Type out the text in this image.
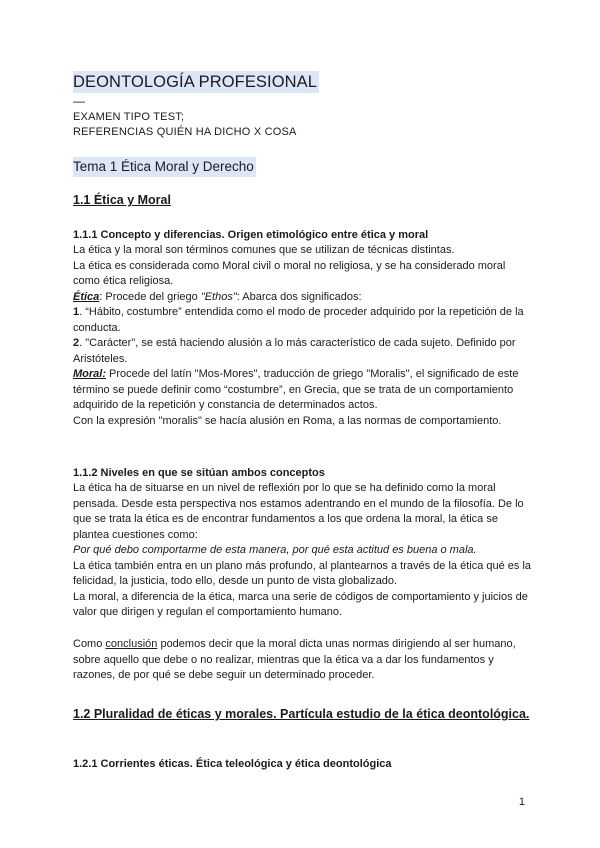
DEONTOLOGÍA PROFESIONAL
—
EXAMEN TIPO TEST;
REFERENCIAS QUIÉN HA DICHO X COSA
Tema 1 Ética Moral y Derecho
1.1 Ética y Moral
1.1.1 Concepto y diferencias. Origen etimológico entre ética y moral

La ética y la moral son términos comunes que se utilizan de técnicas distintas.

La ética es considerada como Moral civil o moral no religiosa, y se ha considerado moral como ética religiosa.

Ética: Procede del griego "Ethos": Abarca dos significados:

1. “Hábito, costumbre” entendida como el modo de proceder adquirido por la repetición de la conducta.

2. "Carácter", se está haciendo alusión a lo más característico de cada sujeto. Definido por Aristóteles.

Moral: Procede del latín "Mos-Mores", traducción de griego "Moralis", el significado de este término se puede definir como “costumbre”, en Grecia, que se trata de un comportamiento adquirido de la repetición y constancia de determinados actos.

Con la expresión "moralis" se hacía alusión en Roma, a las normas de comportamiento.

1.1.2 Niveles en que se sitúan ambos conceptos

La ética ha de situarse en un nivel de reflexión por lo que se ha definido como la moral pensada. Desde esta perspectiva nos estamos adentrando en el mundo de la filosofía. De lo que se trata la ética es de encontrar fundamentos a los que ordena la moral, la ética se plantea cuestiones como:

Por qué debo comportarme de esta manera, por qué esta actitud es buena o mala.

La ética también entra en un plano más profundo, al plantearnos a través de la ética qué es la felicidad, la justicia, todo ello, desde un punto de vista globalizado.

La moral, a diferencia de la ética, marca una serie de códigos de comportamiento y juicios de valor que dirigen y regulan el comportamiento humano.

Como conclusión podemos decir que la moral dicta unas normas dirigiendo al ser humano, sobre aquello que debe o no realizar, mientras que la ética va a dar los fundamentos y razones, de por qué se debe seguir un determinado proceder.

1.2 Pluralidad de éticas y morales. Partícula estudio de la ética deontológica.
1.2.1 Corrientes éticas. Ética teleológica y ética deontológica
1
